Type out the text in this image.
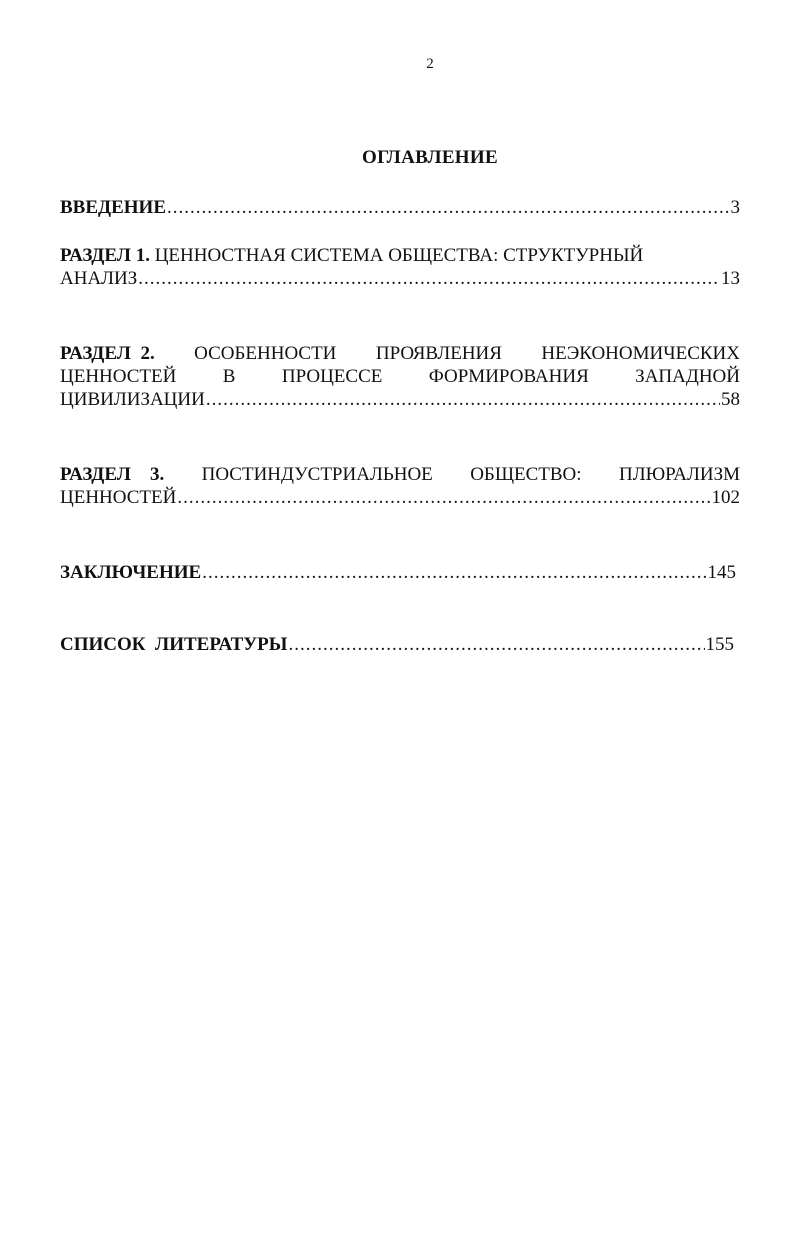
2
ОГЛАВЛЕНИЕ
ВВЕДЕНИЕ .....	3
РАЗДЕЛ 1. ЦЕННОСТНАЯ СИСТЕМА ОБЩЕСТВА: СТРУКТУРНЫЙ
АНАЛИЗ .....	13
РАЗДЕЛ 2. ОСОБЕННОСТИ ПРОЯВЛЕНИЯ НЕЭКОНОМИЧЕСКИХ
ЦЕННОСТЕЙ В ПРОЦЕССЕ ФОРМИРОВАНИЯ ЗАПАДНОЙ
ЦИВИЛИЗАЦИИ .....	58
РАЗДЕЛ 3. ПОСТИНДУСТРИАЛЬНОЕ ОБЩЕСТВО: ПЛЮРАЛИЗМ
ЦЕННОСТЕЙ .....	102
ЗАКЛЮЧЕНИЕ .....	145
СПИСОК  ЛИТЕРАТУРЫ .....	155
